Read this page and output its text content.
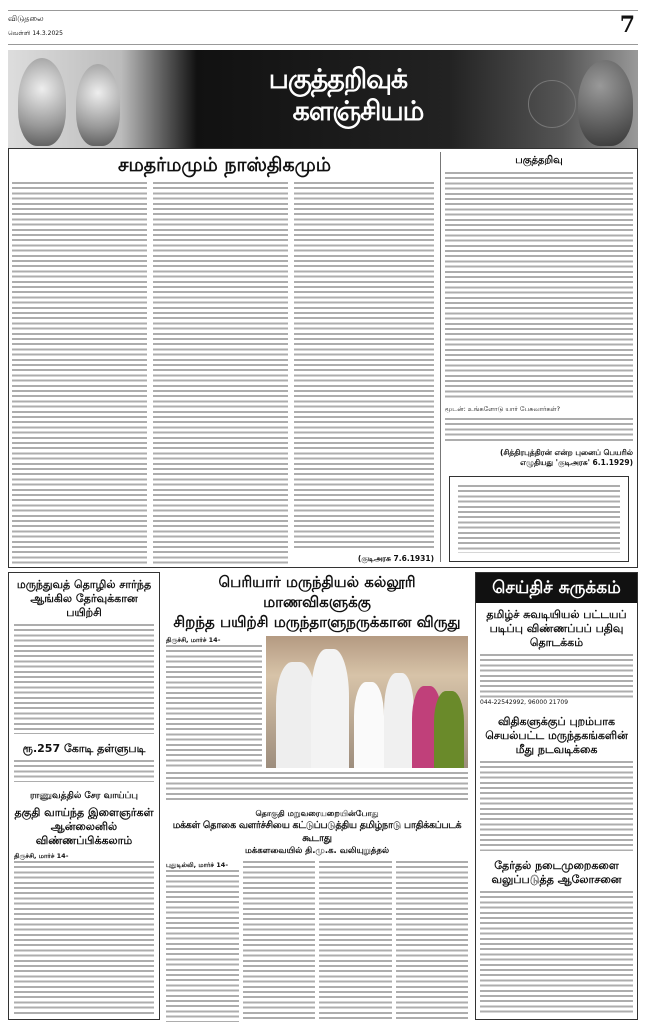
விடுதலை
வெள்ளி 14.3.2025	7
பகுத்தறிவுக்
களஞ்சியம்
சமதர்மமும் நாஸ்திகமும்
(குடிஅரசு 7.6.1931)
பகுத்தறிவு
மூடன்: உங்களோடு யார் பேசுவார்கள்?
(சித்திரபுத்திரன் என்ற புனைப் பெயரில்
எழுதியது 'குடிஅரசு' 6.1.1929)
மருந்துவத் தொழில் சார்ந்த ஆங்கில தேர்வுக்கான பயிற்சி
ரூ.257 கோடி தள்ளுபடி
ராணுவத்தில் சேர வாய்ப்பு
தகுதி வாய்ந்த இளைஞர்கள் ஆன்லைனில் விண்ணப்பிக்கலாம்
திருச்சி, மார்ச் 14-
பெரியார் மருந்தியல் கல்லூரி மாணவிகளுக்கு
சிறந்த பயிற்சி மருந்தாளுநருக்கான விருது
திருச்சி, மார்ச் 14-
தொகுதி மறுவரையறையின்போது
மக்கள் தொகை வளர்ச்சியை கட்டுப்படுத்திய தமிழ்நாடு பாதிக்கப்படக் கூடாது
மக்களவையில் தி.மு.க. வலியுறுத்தல்
புதுடில்லி, மார்ச் 14-
செய்திச் சுருக்கம்
தமிழ்ச் சுவடியியல் பட்டயப் படிப்பு விண்ணப்பப் பதிவு தொடக்கம்
044-22542992, 96000 21709
விதிகளுக்குப் புறம்பாக செயல்பட்ட மருந்தகங்களின் மீது நடவடிக்கை
தேர்தல் நடைமுறைகளை வலுப்படுத்த ஆலோசனை
